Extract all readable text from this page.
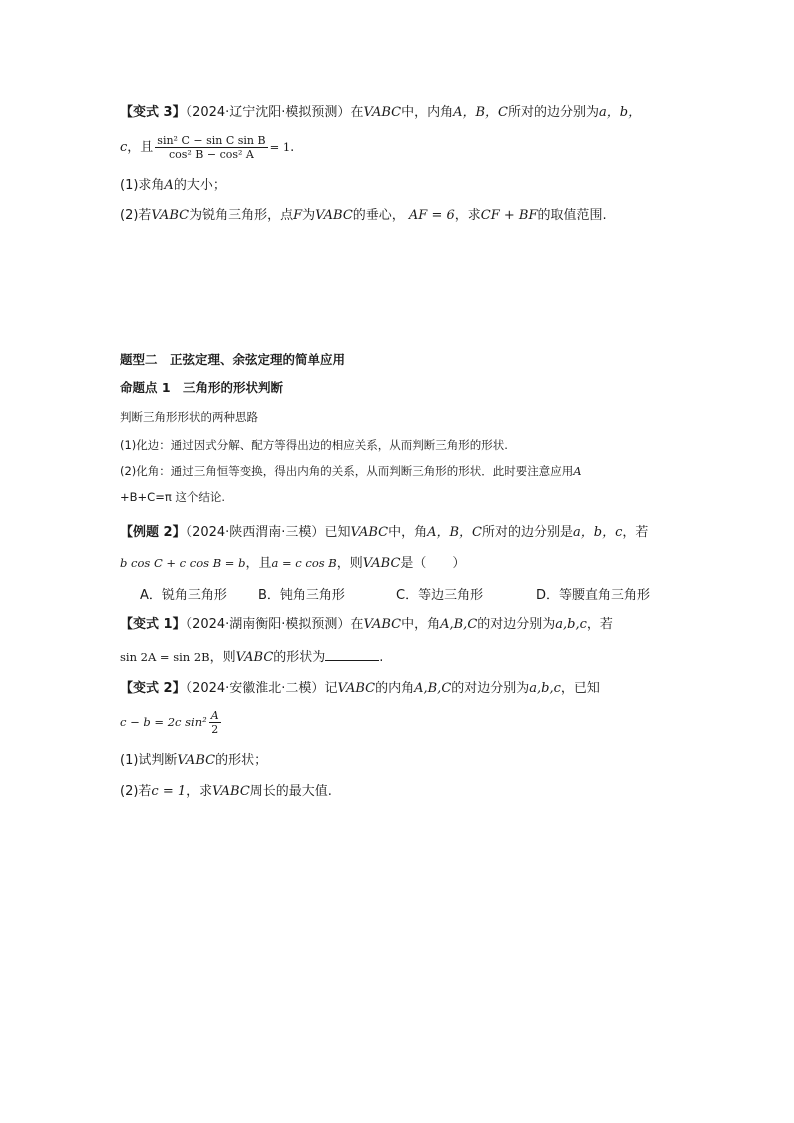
【变式 3】（2024·辽宁沈阳·模拟预测）在VABC中，内角A，B，C所对的边分别为a，b，
c，且 $\frac{\text{sin² C − sin C sin B}}{\text{cos² B − cos² A}} = 1$.
(1)求角A的大小；
(2)若VABC为锐角三角形，点F为VABC的垂心， AF = 6，求CF + BF的取值范围.
题型二　正弦定理、余弦定理的简单应用
命题点 1　三角形的形状判断
判断三角形形状的两种思路
(1)化边：通过因式分解、配方等得出边的相应关系，从而判断三角形的形状.
(2)化角：通过三角恒等变换，得出内角的关系，从而判断三角形的形状．此时要注意应用A
+B+C=π 这个结论.
【例题 2】（2024·陕西渭南·三模）已知VABC中，角A，B，C所对的边分别是a，b，c，若
b cos C + c cos B = b，且a = c cos B，则VABC是（　　）
A．锐角三角形	B．钝角三角形	C．等边三角形	D．等腰直角三角形
【变式 1】（2024·湖南衡阳·模拟预测）在VABC中，角A,B,C的对边分别为a,b,c，若
sin 2A = sin 2B，则VABC的形状为	.
【变式 2】（2024·安徽淮北·二模）记VABC的内角A,B,C的对边分别为a,b,c，已知
c − b = 2c $\sin^2 \frac{A}{2}$
(1)试判断VABC的形状；
(2)若c = 1，求VABC周长的最大值.
